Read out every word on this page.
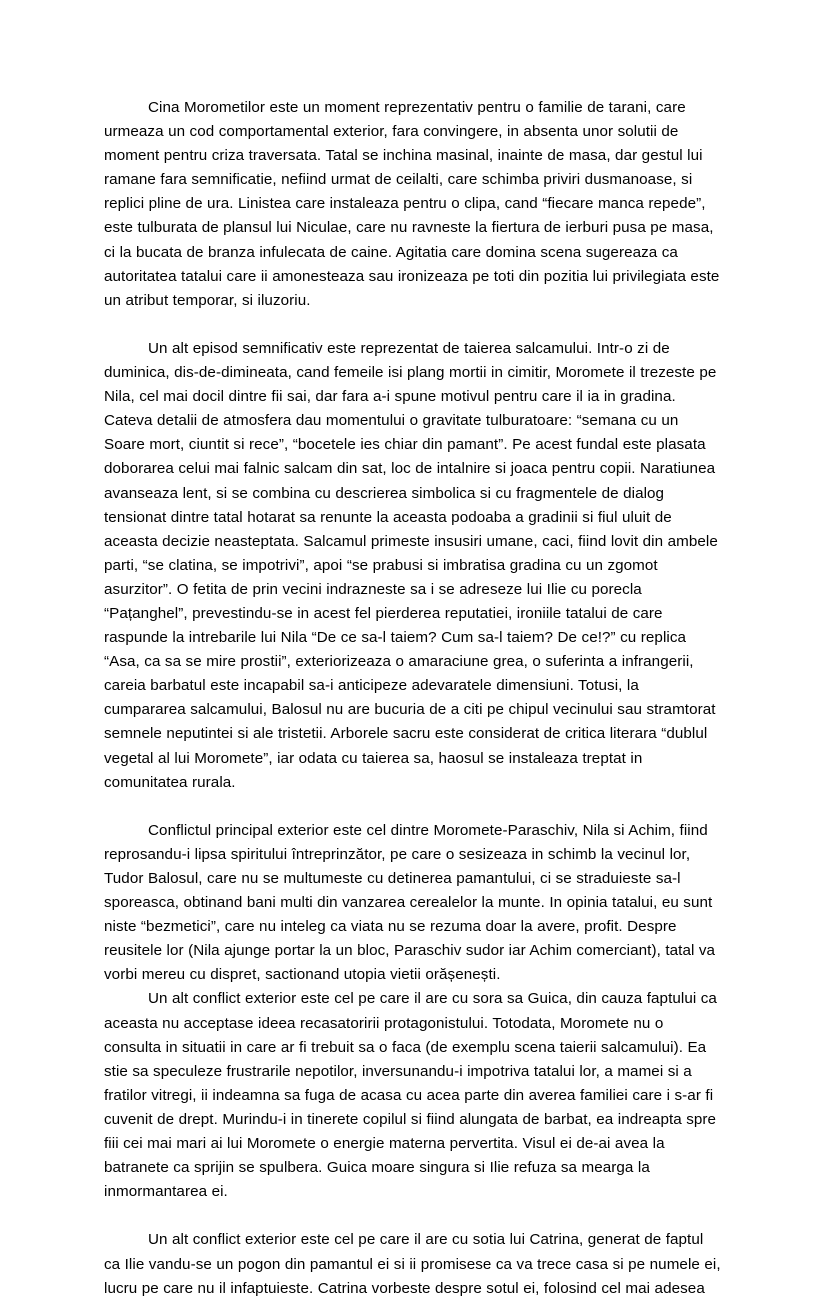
Cina Morometilor este un moment reprezentativ pentru o familie de tarani, care urmeaza un cod comportamental exterior, fara convingere, in absenta unor solutii de moment pentru criza traversata. Tatal se inchina masinal, inainte de masa, dar gestul lui ramane fara semnificatie, nefiind urmat de ceilalti, care schimba priviri dusmanoase, si replici pline de ura. Linistea care instaleaza pentru o clipa, cand “fiecare manca repede”, este tulburata de plansul lui Niculae, care nu ravneste la fiertura de ierburi pusa pe masa, ci la bucata de branza infulecata de caine. Agitatia care domina scena sugereaza ca autoritatea tatalui care ii amonesteaza sau ironizeaza pe toti din pozitia lui privilegiata este un atribut temporar, si iluzoriu.

Un alt episod semnificativ este reprezentat de taierea salcamului. Intr-o zi de duminica, dis-de-dimineata, cand femeile isi plang mortii in cimitir, Moromete il trezeste pe Nila, cel mai docil dintre fii sai, dar fara a-i spune motivul pentru care il ia in gradina. Cateva detalii de atmosfera dau momentului o gravitate tulburatoare: “semana cu un Soare mort, ciuntit si rece”, “bocetele ies chiar din pamant”. Pe acest fundal este plasata doborarea celui mai falnic salcam din sat, loc de intalnire si joaca pentru copii. Naratiunea avanseaza lent, si se combina cu descrierea simbolica si cu fragmentele de dialog tensionat dintre tatal hotarat sa renunte la aceasta podoaba a gradinii si fiul uluit de aceasta decizie neasteptata. Salcamul primeste insusiri umane, caci, fiind lovit din ambele parti, “se clatina, se impotrivi”, apoi “se prabusi si imbratisa gradina cu un zgomot asurzitor”. O fetita de prin vecini indrazneste sa i se adreseze lui Ilie cu porecla “Pațanghel”, prevestindu-se in acest fel pierderea reputatiei, ironiile tatalui de care raspunde la intrebarile lui Nila “De ce sa-l taiem? Cum sa-l taiem? De ce!?” cu replica “Asa, ca sa se mire prostii”, exteriorizeaza o amaraciune grea, o suferinta a infrangerii, careia barbatul este incapabil sa-i anticipeze adevaratele dimensiuni. Totusi, la cumpararea salcamului, Balosul nu are bucuria de a citi pe chipul vecinului sau stramtorat semnele neputintei si ale tristetii. Arborele sacru este considerat de critica literara “dublul vegetal al lui Moromete”, iar odata cu taierea sa, haosul se instaleaza treptat in comunitatea rurala.

Conflictul principal exterior este cel dintre Moromete-Paraschiv, Nila si Achim, fiind reprosandu-i lipsa spiritului întreprinzător, pe care o sesizeaza in schimb la vecinul lor, Tudor Balosul, care nu se multumeste cu detinerea pamantului, ci se straduieste sa-l sporeasca, obtinand bani multi din vanzarea cerealelor la munte. In opinia tatalui, eu sunt niste “bezmetici”, care nu inteleg ca viata nu se rezuma doar la avere, profit. Despre reusitele lor (Nila ajunge portar la un bloc, Paraschiv sudor iar Achim comerciant), tatal va vorbi mereu cu dispret, sactionand utopia vietii orășenești.

Un alt conflict exterior este cel pe care il are cu sora sa Guica, din cauza faptului ca aceasta nu acceptase ideea recasatoririi protagonistului. Totodata, Moromete nu o consulta in situatii in care ar fi trebuit sa o faca (de exemplu scena taierii salcamului). Ea stie sa speculeze frustrarile nepotilor, inversunandu-i impotriva tatalui lor, a mamei si a fratilor vitregi, ii indeamna sa fuga de acasa cu acea parte din averea familiei care i s-ar fi cuvenit de drept. Murindu-i in tinerete copilul si fiind alungata de barbat, ea indreapta spre fiii cei mai mari ai lui Moromete o energie materna pervertita. Visul ei de-ai avea la batranete ca sprijin se spulbera. Guica moare singura si Ilie refuza sa mearga la inmormantarea ei.

Un alt conflict exterior este cel pe care il are cu sotia lui Catrina, generat de faptul ca Ilie vandu-se un pogon din pamantul ei si ii promisese ca va trece casa si pe numele ei, lucru pe care nu il infaptuieste. Catrina vorbeste despre sotul ei, folosind cel mai adesea
